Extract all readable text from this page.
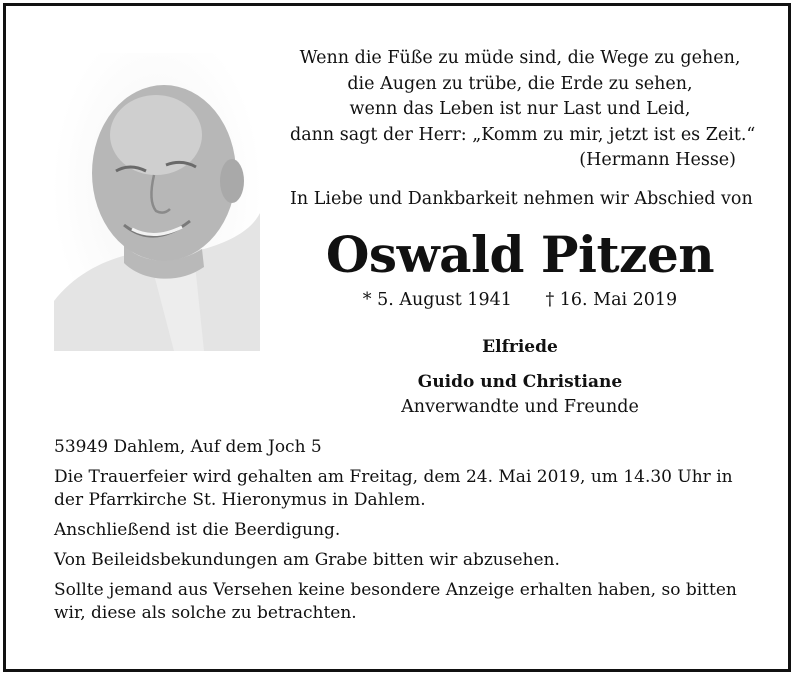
Wenn die Füße zu müde sind, die Wege zu gehen,
die Augen zu trübe, die Erde zu sehen,
wenn das Leben ist nur Last und Leid,
dann sagt der Herr: „Komm zu mir, jetzt ist es Zeit.“
(Hermann Hesse)
In Liebe und Dankbarkeit nehmen wir Abschied von
Oswald Pitzen
* 5. August 1941 † 16. Mai 2019
Elfriede
Guido und Christiane
Anverwandte und Freunde

53949 Dahlem, Auf dem Joch 5

Die Trauerfeier wird gehalten am Freitag, dem 24. Mai 2019, um 14.30 Uhr in der Pfarrkirche St. Hieronymus in Dahlem.

Anschließend ist die Beerdigung.

Von Beileidsbekundungen am Grabe bitten wir abzusehen.

Sollte jemand aus Versehen keine besondere Anzeige erhalten haben, so bitten wir, diese als solche zu betrachten.
